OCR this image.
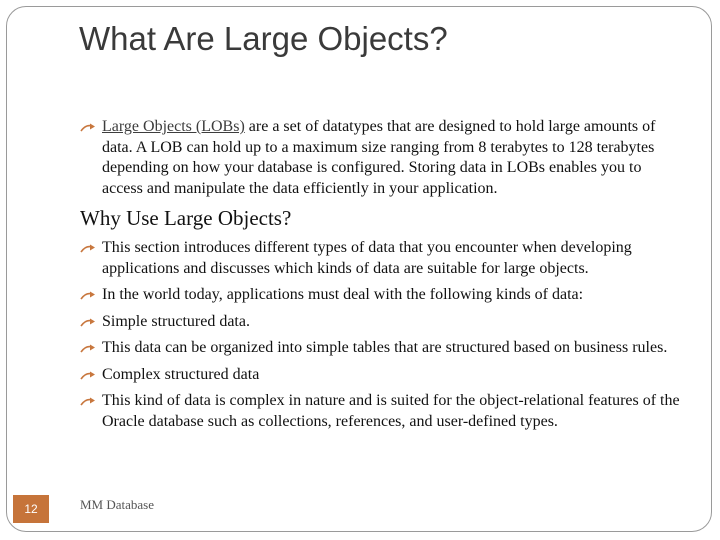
What Are Large Objects?
Large Objects (LOBs) are a set of datatypes that are designed to hold large amounts of data. A LOB can hold up to a maximum size ranging from 8 terabytes to 128 terabytes depending on how your database is configured. Storing data in LOBs enables you to access and manipulate the data efficiently in your application.
Why Use Large Objects?
This section introduces different types of data that you encounter when developing applications and discusses which kinds of data are suitable for large objects.
In the world today, applications must deal with the following kinds of data:
Simple structured data.
This data can be organized into simple tables that are structured based on business rules.
Complex structured data
This kind of data is complex in nature and is suited for the object-relational features of the Oracle database such as collections, references, and user-defined types.
12	MM Database
